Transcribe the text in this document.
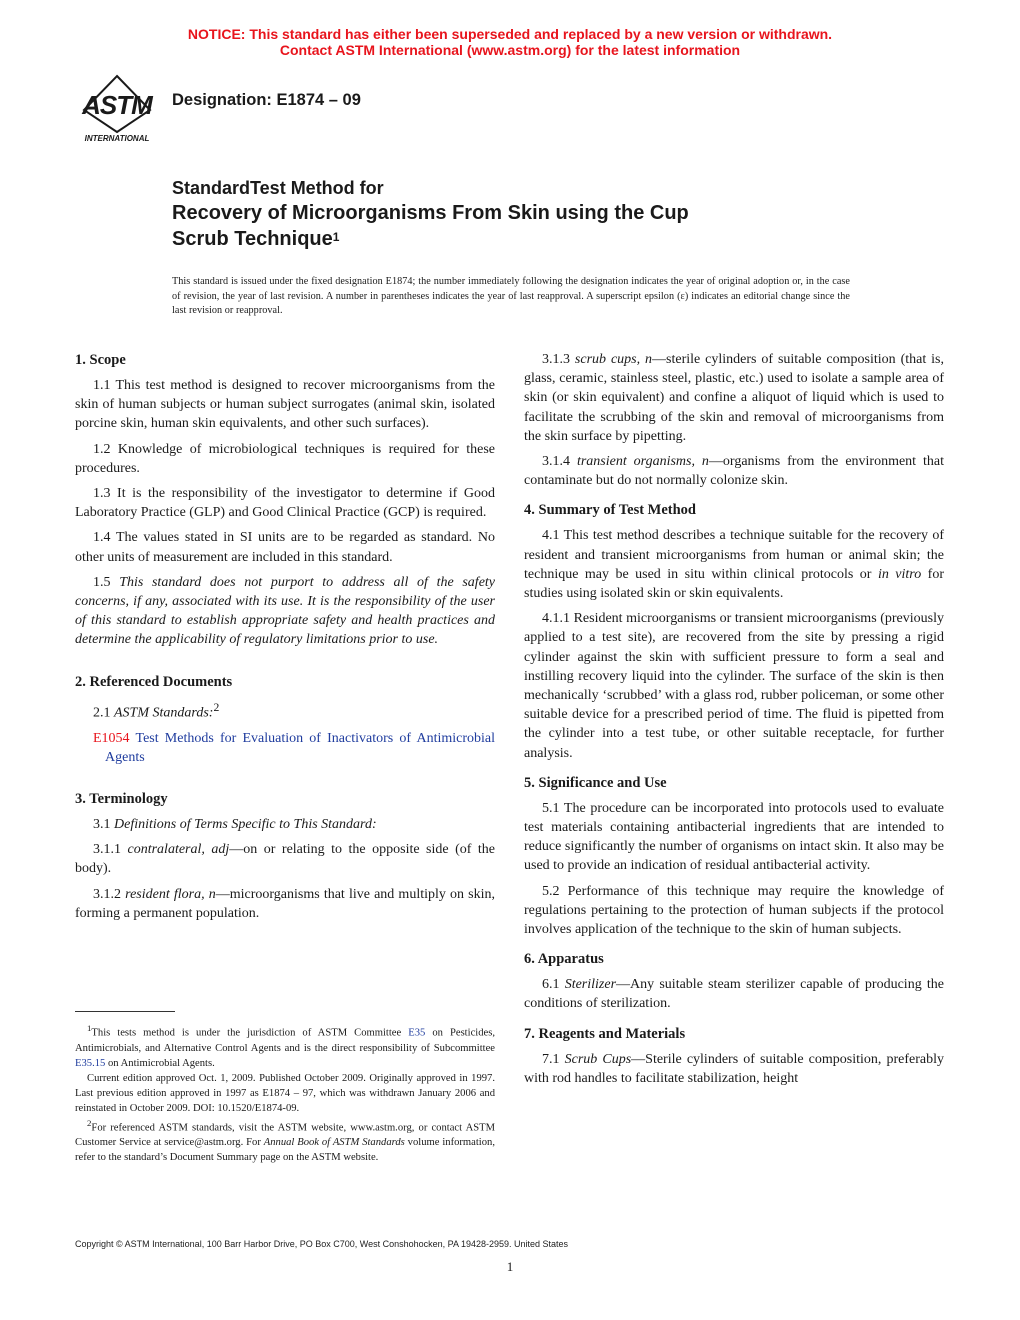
NOTICE: This standard has either been superseded and replaced by a new version or withdrawn.
Contact ASTM International (www.astm.org) for the latest information
ASTM
INTERNATIONAL
Designation: E1874 – 09
StandardTest Method for
Recovery of Microorganisms From Skin using the Cup
Scrub Technique$^1$
This standard is issued under the fixed designation E1874; the number immediately following the designation indicates the year of original adoption or, in the case of revision, the year of last revision. A number in parentheses indicates the year of last reapproval. A superscript epsilon (ε) indicates an editorial change since the last revision or reapproval.
1. Scope

1.1 This test method is designed to recover microorganisms from the skin of human subjects or human subject surrogates (animal skin, isolated porcine skin, human skin equivalents, and other such surfaces).

1.2 Knowledge of microbiological techniques is required for these procedures.

1.3 It is the responsibility of the investigator to determine if Good Laboratory Practice (GLP) and Good Clinical Practice (GCP) is required.

1.4 The values stated in SI units are to be regarded as standard. No other units of measurement are included in this standard.

1.5 This standard does not purport to address all of the safety concerns, if any, associated with its use. It is the responsibility of the user of this standard to establish appropriate safety and health practices and determine the applicability of regulatory limitations prior to use.

2. Referenced Documents

2.1 ASTM Standards:$^2$

E1054 Test Methods for Evaluation of Inactivators of Antimicrobial Agents

3. Terminology

3.1 Definitions of Terms Specific to This Standard:

3.1.1 contralateral, adj—on or relating to the opposite side (of the body).

3.1.2 resident flora, n—microorganisms that live and multiply on skin, forming a permanent population.

3.1.3 scrub cups, n—sterile cylinders of suitable composition (that is, glass, ceramic, stainless steel, plastic, etc.) used to isolate a sample area of skin (or skin equivalent) and confine a aliquot of liquid which is used to facilitate the scrubbing of the skin and removal of microorganisms from the skin surface by pipetting.

3.1.4 transient organisms, n—organisms from the environment that contaminate but do not normally colonize skin.

4. Summary of Test Method

4.1 This test method describes a technique suitable for the recovery of resident and transient microorganisms from human or animal skin; the technique may be used in situ within clinical protocols or in vitro for studies using isolated skin or skin equivalents.

4.1.1 Resident microorganisms or transient microorganisms (previously applied to a test site), are recovered from the site by pressing a rigid cylinder against the skin with sufficient pressure to form a seal and instilling recovery liquid into the cylinder. The surface of the skin is then mechanically ‘scrubbed’ with a glass rod, rubber policeman, or some other suitable device for a prescribed period of time. The fluid is pipetted from the cylinder into a test tube, or other suitable receptacle, for further analysis.

5. Significance and Use

5.1 The procedure can be incorporated into protocols used to evaluate test materials containing antibacterial ingredients that are intended to reduce significantly the number of organisms on intact skin. It also may be used to provide an indication of residual antibacterial activity.

5.2 Performance of this technique may require the knowledge of regulations pertaining to the protection of human subjects if the protocol involves application of the technique to the skin of human subjects.

6. Apparatus

6.1 Sterilizer—Any suitable steam sterilizer capable of producing the conditions of sterilization.

7. Reagents and Materials

7.1 Scrub Cups—Sterile cylinders of suitable composition, preferably with rod handles to facilitate stabilization, height

$^1$This tests method is under the jurisdiction of ASTM Committee E35 on Pesticides, Antimicrobials, and Alternative Control Agents and is the direct responsibility of Subcommittee E35.15 on Antimicrobial Agents.

Current edition approved Oct. 1, 2009. Published October 2009. Originally approved in 1997. Last previous edition approved in 1997 as E1874 – 97, which was withdrawn January 2006 and reinstated in October 2009. DOI: 10.1520/E1874-09.

$^2$For referenced ASTM standards, visit the ASTM website, www.astm.org, or contact ASTM Customer Service at service@astm.org. For Annual Book of ASTM Standards volume information, refer to the standard’s Document Summary page on the ASTM website.

Copyright © ASTM International, 100 Barr Harbor Drive, PO Box C700, West Conshohocken, PA 19428-2959. United States
1
